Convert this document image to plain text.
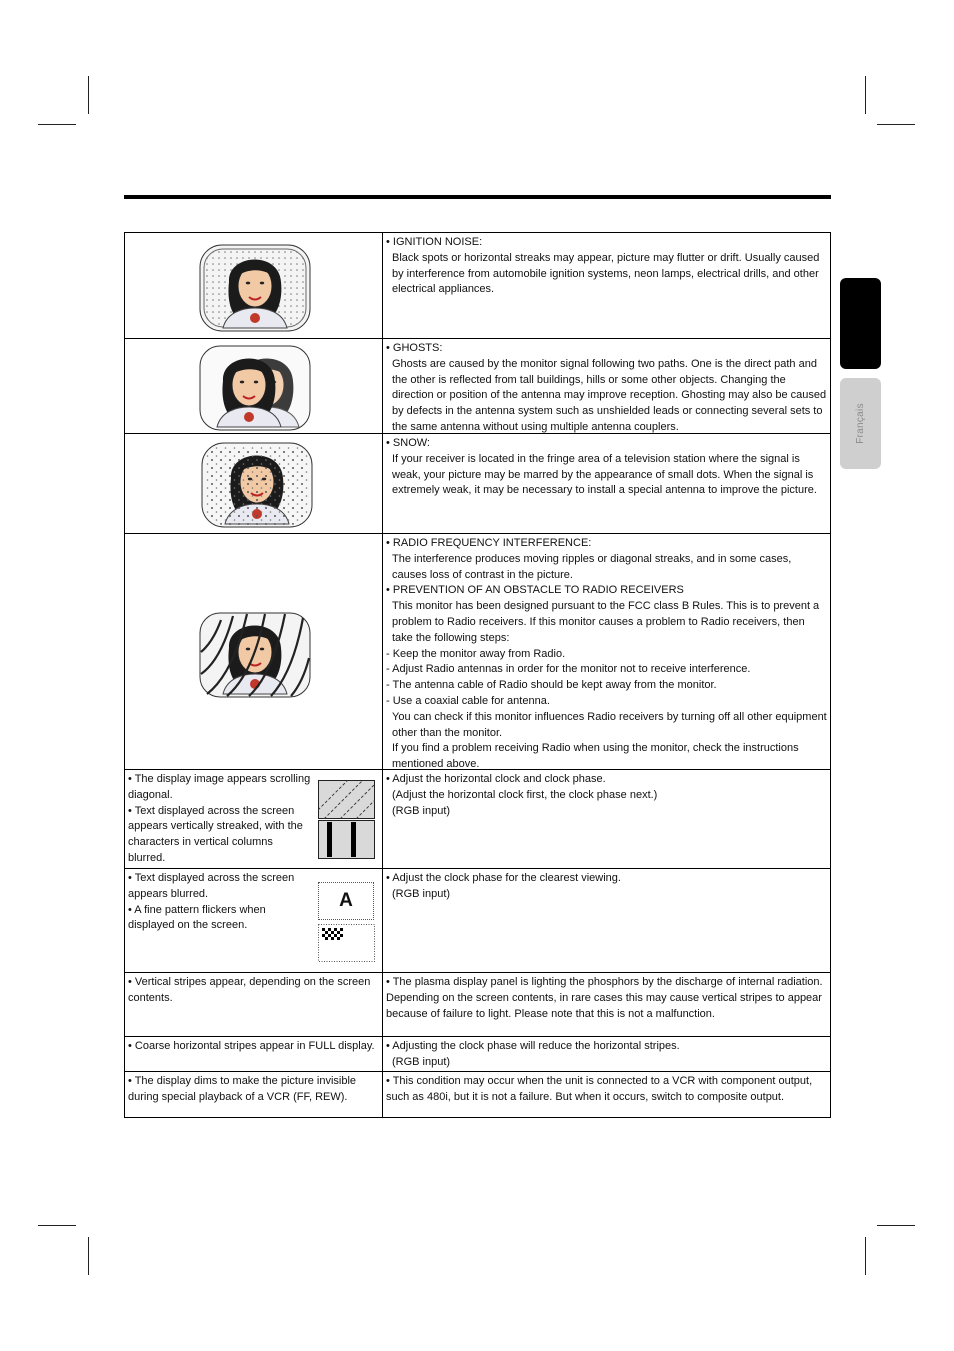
Français
• IGNITION NOISE:
Black spots or horizontal streaks may appear, picture may flutter or drift. Usually caused by interference from automobile ignition systems, neon lamps, electrical drills, and other electrical appliances.
• GHOSTS:
Ghosts are caused by the monitor signal following two paths. One is the direct path and the other is reflected from tall buildings, hills or some other objects. Changing the direction or position of the antenna may improve reception. Ghosting may also be caused by defects in the antenna system such as unshielded leads or connecting several sets to the same antenna without using multiple antenna couplers.
• SNOW:
If your receiver is located in the fringe area of a television station where the signal is weak, your picture may be marred by the appearance of small dots. When the signal is extremely weak, it may be necessary to install a special antenna to improve the picture.
• RADIO FREQUENCY INTERFERENCE:
The interference produces moving ripples or diagonal streaks, and in some cases, causes loss of contrast in the picture.
• PREVENTION OF AN OBSTACLE TO RADIO RECEIVERS
This monitor has been designed pursuant to the FCC class B Rules. This is to prevent a problem to Radio receivers. If this monitor causes a problem to Radio receivers, then take the following steps:
- Keep the monitor away from Radio.
- Adjust Radio antennas in order for the monitor not to receive interference.
- The antenna cable of Radio should be kept away from the monitor.
- Use a coaxial cable for antenna.
You can check if this monitor influences Radio receivers by turning off all other equipment other than the monitor.
If you find a problem receiving Radio when using the monitor, check the instructions mentioned above.
• The display image appears scrolling diagonal.
• Text displayed across the screen appears vertically streaked, with the characters in vertical columns blurred.
• Adjust the horizontal clock and clock phase.
(Adjust the horizontal clock first, the clock phase next.)
(RGB input)
• Text displayed across the screen appears blurred.
• A fine pattern flickers when displayed on the screen.
A
• Adjust the clock phase for the clearest viewing.
(RGB input)
• Vertical stripes appear, depending on the screen contents.
• The plasma display panel is lighting the phosphors by the discharge of internal radiation. Depending on the screen contents, in rare cases this may cause vertical stripes to appear because of failure to light. Please note that this is not a malfunction.
• Coarse horizontal stripes appear in FULL display.	• Adjusting the clock phase will reduce the horizontal stripes.
(RGB input)
• The display dims to make the picture invisible during special playback of a VCR (FF, REW).
• This condition may occur when the unit is connected to a VCR with component output, such as 480i, but it is not a failure. But when it occurs, switch to composite output.
